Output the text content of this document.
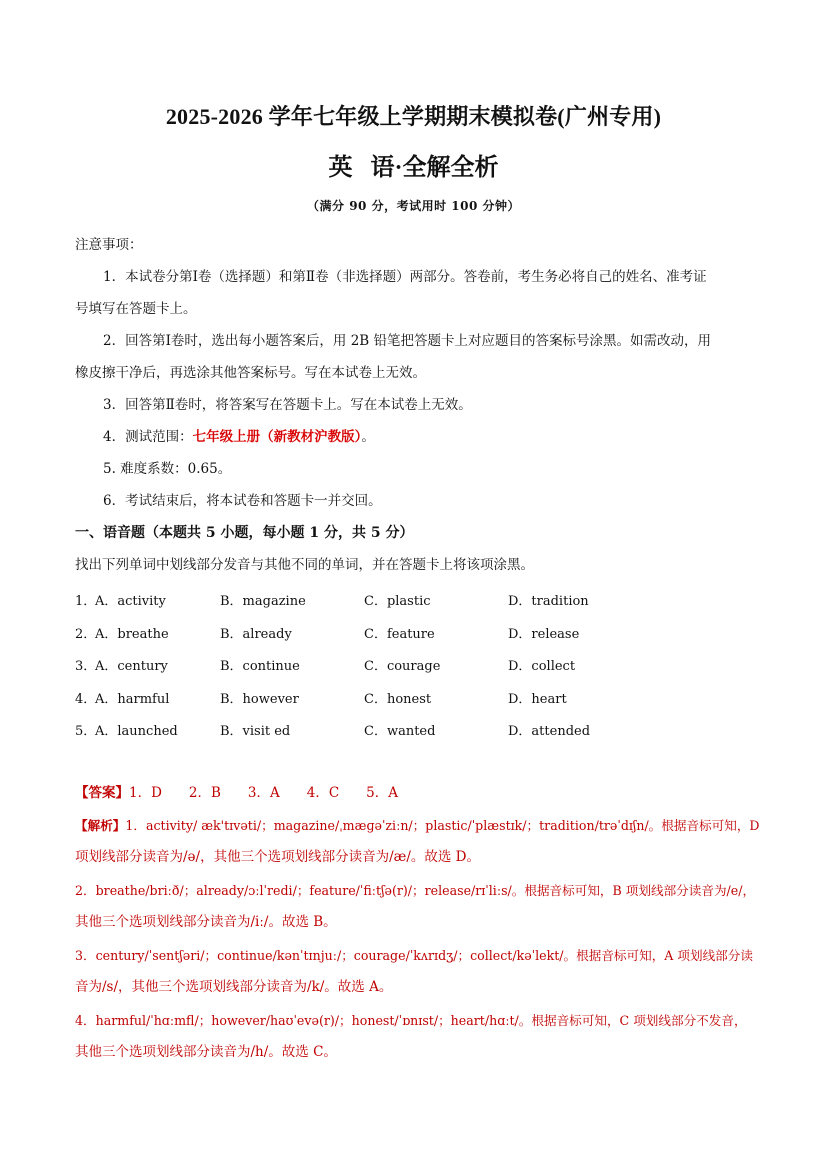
2025-2026 学年七年级上学期期末模拟卷(广州专用)
英 语·全解全析
（满分 90 分，考试用时 100 分钟）
注意事项：
1．本试卷分第Ⅰ卷（选择题）和第Ⅱ卷（非选择题）两部分。答卷前，考生务必将自己的姓名、准考证
号填写在答题卡上。
2．回答第Ⅰ卷时，选出每小题答案后，用 2B 铅笔把答题卡上对应题目的答案标号涂黑。如需改动，用
橡皮擦干净后，再选涂其他答案标号。写在本试卷上无效。
3．回答第Ⅱ卷时，将答案写在答题卡上。写在本试卷上无效。
4．测试范围：七年级上册（新教材沪教版）。
5. 难度系数：0.65。
6．考试结束后，将本试卷和答题卡一并交回。
一、语音题（本题共 5 小题，每小题 1 分，共 5 分）
找出下列单词中划线部分发音与其他不同的单词，并在答题卡上将该项涂黑。
1．
A．activity	B．magazine	C．plastic	D．tradition
2．
A．breathe	B．already	C．feature	D．release
3．
A．century	B．continue	C．courage	D．collect
4．
A．harmful	B．however	C．honest	D．heart
5．
A．launched	B．visit ed	C．wanted	D．attended
【答案】1．D　　2．B　　3．A　　4．C　　5．A
【解析】1．activity/ æk'tɪvəti/；magazine/ˌmæɡəˈziːn/；plastic/ˈplæstɪk/；tradition/trəˈdɪʃn/。根据音标可知，D
项划线部分读音为/ə/，其他三个选项划线部分读音为/æ/。故选 D。
2．breathe/briːð/；already/ɔːlˈredi/；feature/ˈfiːtʃə(r)/；release/rɪˈliːs/。根据音标可知，B 项划线部分读音为/e/，
其他三个选项划线部分读音为/iː/。故选 B。
3．century/ˈsentʃəri/；continue/kənˈtɪnjuː/；courage/ˈkʌrɪdʒ/；collect/kəˈlekt/。根据音标可知，A 项划线部分读
音为/s/，其他三个选项划线部分读音为/k/。故选 A。
4．harmful/ˈhɑːmfl/；however/haʊˈevə(r)/；honest/ˈɒnɪst/；heart/hɑːt/。根据音标可知，C 项划线部分不发音，
其他三个选项划线部分读音为/h/。故选 C。
